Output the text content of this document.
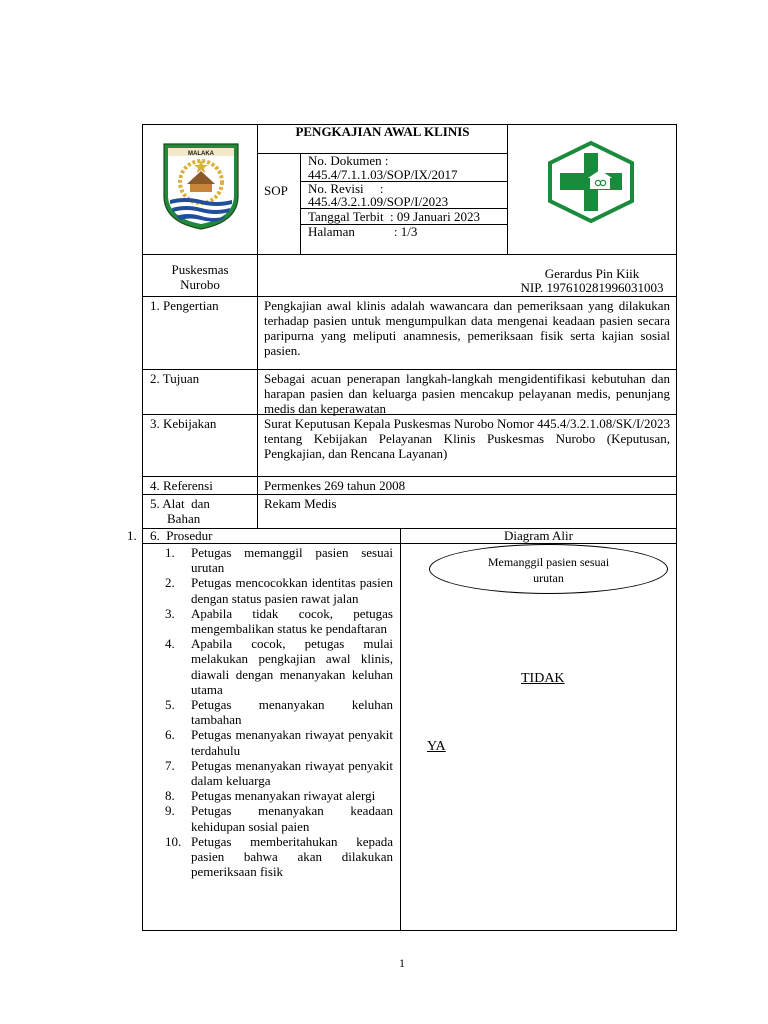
MALAKA
PENGKAJIAN AWAL KLINIS
SOP
No. Dokumen :
445.4/7.1.1.03/SOP/IX/2017
No. Revisi     :
445.4/3.2.1.09/SOP/I/2023
Tanggal Terbit  : 09 Januari 2023
Halaman            : 1/3
Puskesmas
Nurobo
Gerardus Pin Kiik
NIP. 197610281996031003
1. Pengertian	Pengkajian awal klinis adalah wawancara dan pemeriksaan yang dilakukan terhadap pasien untuk mengumpulkan data mengenai keadaan pasien secara paripurna yang meliputi anamnesis, pemeriksaan fisik serta kajian sosial pasien.
2. Tujuan	Sebagai acuan penerapan langkah-langkah mengidentifikasi kebutuhan dan harapan pasien dan keluarga pasien mencakup pelayanan medis, penunjang medis dan keperawatan
3. Kebijakan	Surat Keputusan Kepala Puskesmas Nurobo Nomor 445.4/3.2.1.08/SK/I/2023 tentang Kebijakan Pelayanan Klinis Puskesmas Nurobo (Keputusan, Pengkajian, dan Rencana Layanan)
4. Referensi	Permenkes 269 tahun 2008
5. Alat  dan
Bahan
Rekam Medis
1. 6.  Prosedur	Diagram Alir
1.	Petugas memanggil pasien sesuai urutan
2.	Petugas mencocokkan identitas pasien dengan status pasien rawat jalan
3.	Apabila tidak cocok, petugas mengembalikan status ke pendaftaran
4.	Apabila cocok, petugas mulai melakukan pengkajian awal klinis, diawali dengan menanyakan keluhan utama
5.	Petugas menanyakan keluhan tambahan
6.	Petugas menanyakan riwayat penyakit terdahulu
7.	Petugas menanyakan riwayat penyakit dalam keluarga
8.	Petugas menanyakan riwayat alergi
9.	Petugas menanyakan keadaan kehidupan sosial paien
10. Petugas memberitahukan kepada pasien bahwa akan dilakukan pemeriksaan fisik
Memanggil pasien sesuai
urutan
TIDAK
YA
1
